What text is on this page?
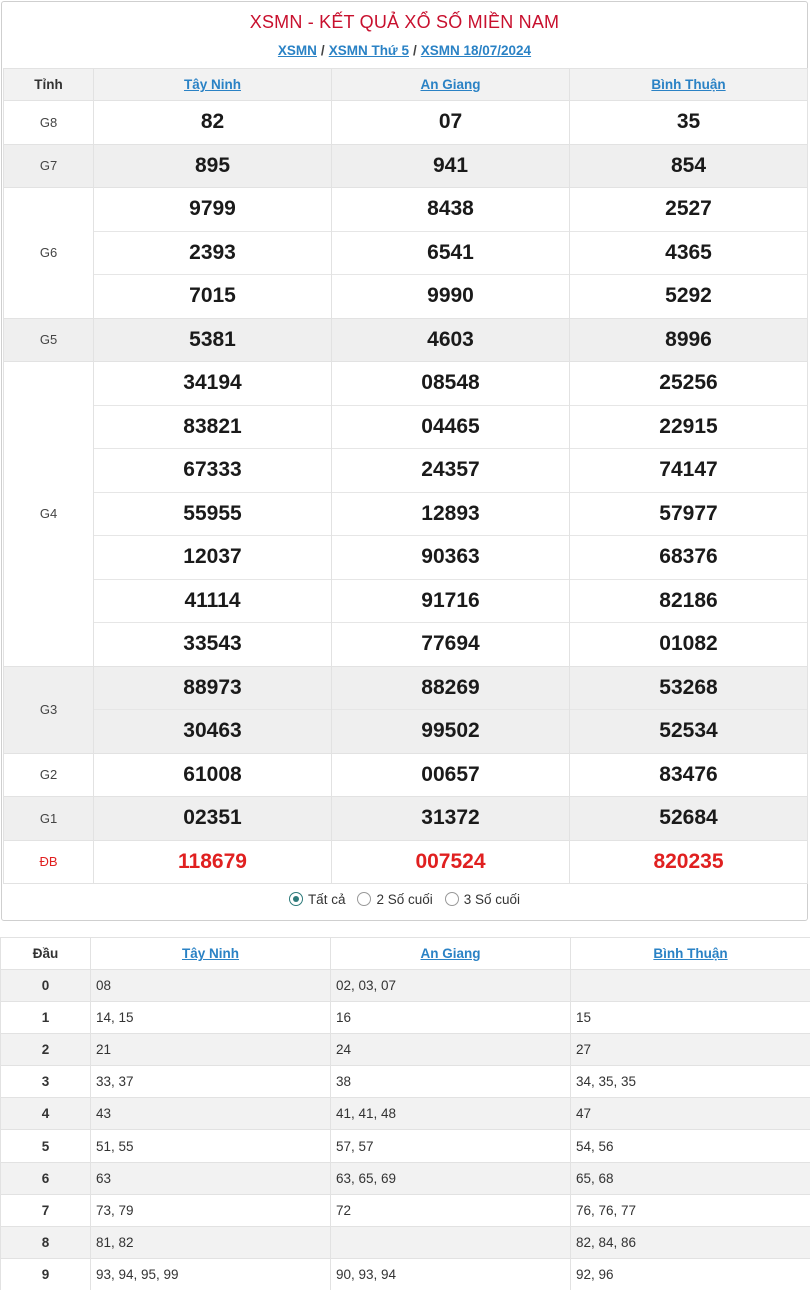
XSMN - KẾT QUẢ XỔ SỐ MIỀN NAM
XSMN / XSMN Thứ 5 / XSMN 18/07/2024
Tỉnh	Tây Ninh	An Giang	Bình Thuận
G8	82	07	35
G7	895	941	854
G6	9799	8438	2527
	2393	6541	4365
	7015	9990	5292
G5	5381	4603	8996
G4	34194	08548	25256
	83821	04465	22915
	67333	24357	74147
	55955	12893	57977
	12037	90363	68376
	41114	91716	82186
	33543	77694	01082
G3	88973	88269	53268
	30463	99502	52534
G2	61008	00657	83476
G1	02351	31372	52684
ĐB	118679	007524	820235
Tất cả 2 Số cuối 3 Số cuối
Đầu	Tây Ninh	An Giang	Bình Thuận
0	08	02, 03, 07	
1	14, 15	16	15
2	21	24	27
3	33, 37	38	34, 35, 35
4	43	41, 41, 48	47
5	51, 55	57, 57	54, 56
6	63	63, 65, 69	65, 68
7	73, 79	72	76, 76, 77
8	81, 82		82, 84, 86
9	93, 94, 95, 99	90, 93, 94	92, 96
